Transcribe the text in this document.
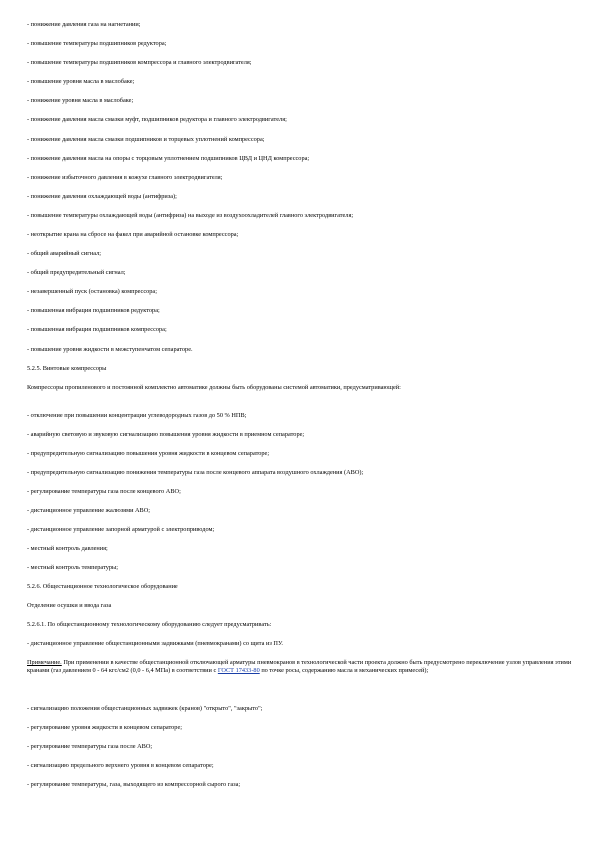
- понижение давления газа на нагнетании;

- повышение температуры подшипников редуктора;

- повышение температуры подшипников компрессора и главного электродвигателя;

- повышение уровня масла в маслобаке;

- понижение уровня масла в маслобаке;

- понижение давления масла смазки муфт, подшипников редуктора и главного электродвигателя;

- понижение давления масла смазки подшипников и торцевых уплотнений компрессора;

- понижение давления масла на опоры с торцовым уплотнением подшипников ЦВД и ЦНД компрессора;

- понижение избыточного давления в кожухе главного электродвигателя;

- понижение давления охлаждающей воды (антифриза);

- повышение температуры охлаждающей воды (антифриза) на выходе из воздухоохладителей главного электродвигателя;

- неоткрытие крана на сбросе на факел при аварийной остановке компрессора;

- общий аварийный сигнал;

- общий предупредительный сигнал;

- незавершенный пуск (остановка) компрессора;

- повышенная вибрация подшипников редуктора;

- повышенная вибрация подшипников компрессора;

- повышение уровня жидкости в межступенчатом сепараторе.

5.2.5. Винтовые компрессоры

Компрессоры пропиленового и постоянной комплектно автоматике должны быть оборудованы системой автоматики, предусматривающей:

- отключение при повышении концентрации углеводородных газов до 50 % НПВ;

- аварийную световую и звуковую сигнализацию повышения уровня жидкости в приемном сепараторе;

- предупредительную сигнализацию повышения уровня жидкости в концевом сепараторе;

- предупредительную сигнализацию понижения температуры газа после концевого аппарата воздушного охлаждения (АВО);

- регулирование температуры газа после концевого АВО;

- дистанционное управление жалюзями АВО;

- дистанционное управление запорной арматурой с электроприводом;

- местный контроль давления;

- местный контроль температуры;

5.2.6. Общестанционное технологическое оборудование

Отделение осушки и ввода газа

5.2.6.1. По общестанционному технологическому оборудованию следует предусматривать:

- дистанционное управление общестанционными задвижками (пневмокранами) со щита из ПУ.

Примечание. При применении в качестве общестанционной отключающей арматуры пневмокранов в технологической части проекта должно быть предусмотрено переключение узлов управления этими кранами (газ давлением 0 - 64 кгс/см2 (0,0 - 6,4 МПа) в соответствии с ГОСТ 17433-80 по точке росы, содержанию масла и механических примесей);

- сигнализацию положения общестанционных задвижек (кранов) "открыто", "закрыто";

- регулирование уровня жидкости в концевом сепараторе;

- регулирование температуры газа после АВО;

- сигнализацию предельного верхнего уровня в концевом сепараторе;

- регулирование температуры, газа, выходящего из компрессорной сырого газа;
